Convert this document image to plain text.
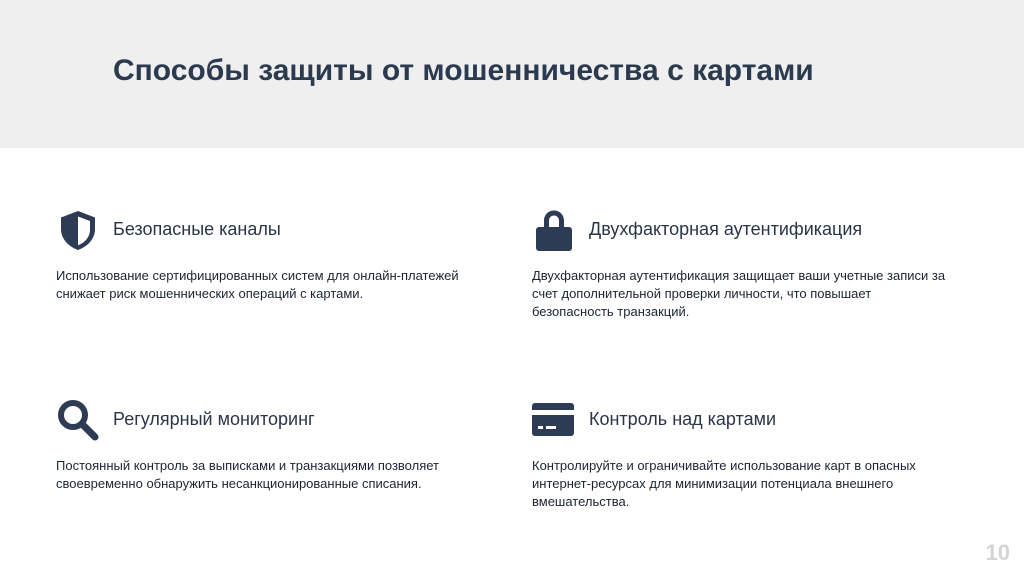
Способы защиты от мошенничества с картами
Безопасные каналы
Использование сертифицированных систем для онлайн-платежей снижает риск мошеннических операций с картами.
Двухфакторная аутентификация
Двухфакторная аутентификация защищает ваши учетные записи за счет дополнительной проверки личности, что повышает безопасность транзакций.
Регулярный мониторинг
Постоянный контроль за выписками и транзакциями позволяет своевременно обнаружить несанкционированные списания.
Контроль над картами
Контролируйте и ограничивайте использование карт в опасных интернет-ресурсах для минимизации потенциала внешнего вмешательства.
10
